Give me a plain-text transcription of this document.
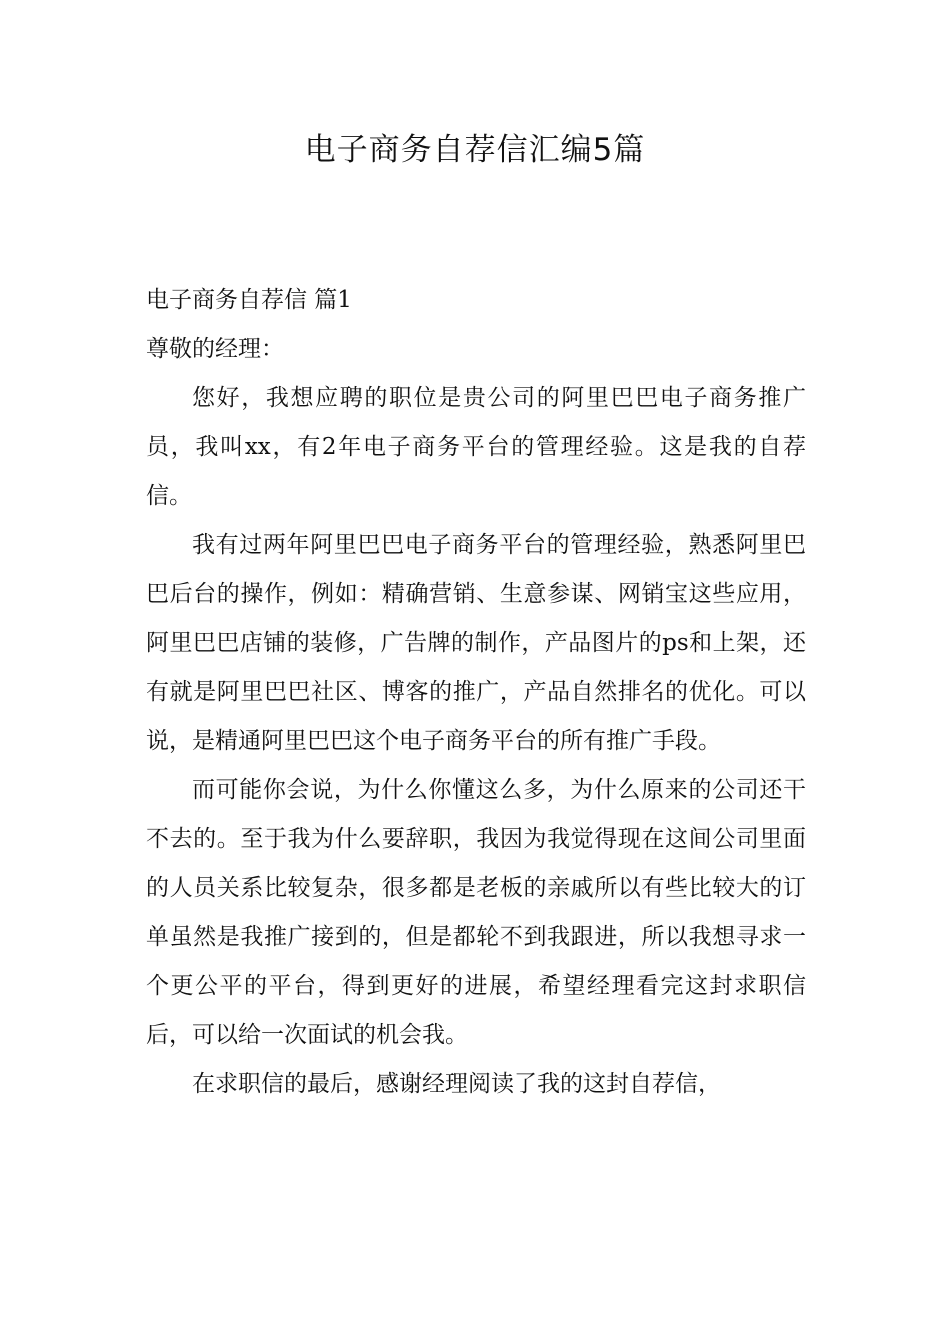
电子商务自荐信汇编5篇
电子商务自荐信 篇1
尊敬的经理：

您好，我想应聘的职位是贵公司的阿里巴巴电子商务推广员，我叫xx，有2年电子商务平台的管理经验。这是我的自荐信。

我有过两年阿里巴巴电子商务平台的管理经验，熟悉阿里巴巴后台的操作，例如：精确营销、生意参谋、网销宝这些应用，阿里巴巴店铺的装修，广告牌的制作，产品图片的ps和上架，还有就是阿里巴巴社区、博客的推广，产品自然排名的优化。可以说，是精通阿里巴巴这个电子商务平台的所有推广手段。

而可能你会说，为什么你懂这么多，为什么原来的公司还干不去的。至于我为什么要辞职，我因为我觉得现在这间公司里面的人员关系比较复杂，很多都是老板的亲戚所以有些比较大的订单虽然是我推广接到的，但是都轮不到我跟进，所以我想寻求一个更公平的平台，得到更好的进展，希望经理看完这封求职信后，可以给一次面试的机会我。

在求职信的最后，感谢经理阅读了我的这封自荐信，
